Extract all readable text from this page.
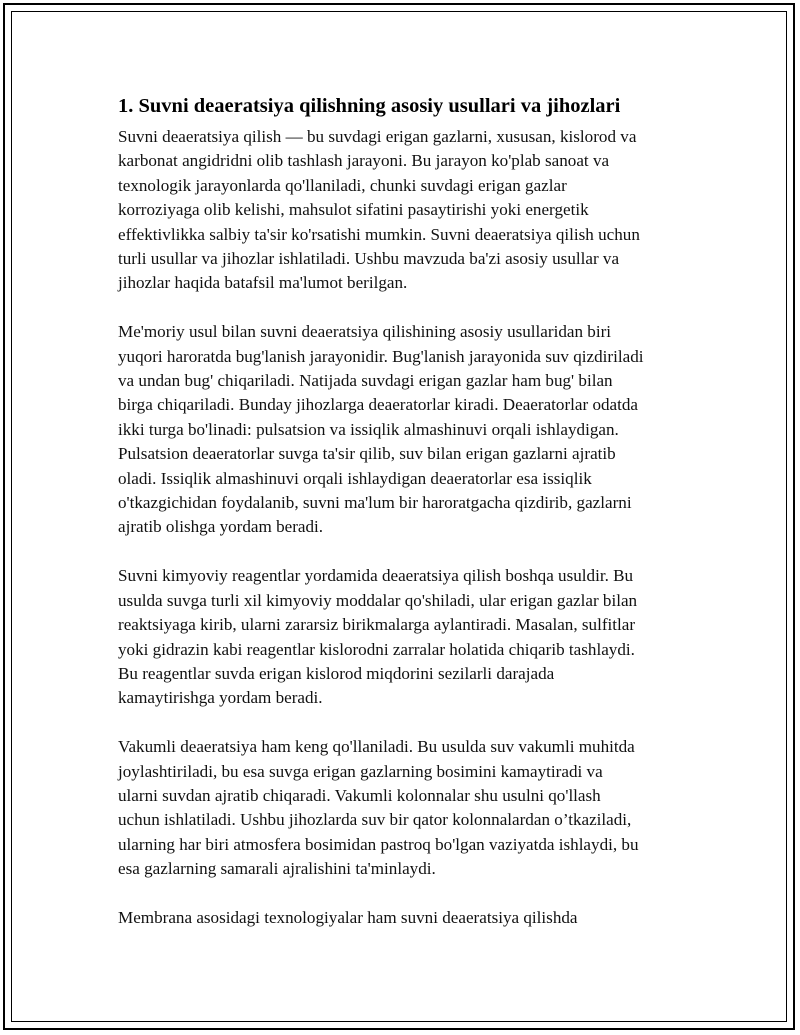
1. Suvni deaeratsiya qilishning asosiy usullari va jihozlari

Suvni deaeratsiya qilish — bu suvdagi erigan gazlarni, xususan, kislorod va
karbonat angidridni olib tashlash jarayoni. Bu jarayon ko'plab sanoat va
texnologik jarayonlarda qo'llaniladi, chunki suvdagi erigan gazlar
korroziyaga olib kelishi, mahsulot sifatini pasaytirishi yoki energetik
effektivlikka salbiy ta'sir ko'rsatishi mumkin. Suvni deaeratsiya qilish uchun
turli usullar va jihozlar ishlatiladi. Ushbu mavzuda ba'zi asosiy usullar va
jihozlar haqida batafsil ma'lumot berilgan.

Me'moriy usul bilan suvni deaeratsiya qilishining asosiy usullaridan biri
yuqori haroratda bug'lanish jarayonidir. Bug'lanish jarayonida suv qizdiriladi
va undan bug' chiqariladi. Natijada suvdagi erigan gazlar ham bug' bilan
birga chiqariladi. Bunday jihozlarga deaeratorlar kiradi. Deaeratorlar odatda
ikki turga bo'linadi: pulsatsion va issiqlik almashinuvi orqali ishlaydigan.
Pulsatsion deaeratorlar suvga ta'sir qilib, suv bilan erigan gazlarni ajratib
oladi. Issiqlik almashinuvi orqali ishlaydigan deaeratorlar esa issiqlik
o'tkazgichidan foydalanib, suvni ma'lum bir haroratgacha qizdirib, gazlarni
ajratib olishga yordam beradi.

Suvni kimyoviy reagentlar yordamida deaeratsiya qilish boshqa usuldir. Bu
usulda suvga turli xil kimyoviy moddalar qo'shiladi, ular erigan gazlar bilan
reaktsiyaga kirib, ularni zararsiz birikmalarga aylantiradi. Masalan, sulfitlar
yoki gidrazin kabi reagentlar kislorodni zarralar holatida chiqarib tashlaydi.
Bu reagentlar suvda erigan kislorod miqdorini sezilarli darajada
kamaytirishga yordam beradi.

Vakumli deaeratsiya ham keng qo'llaniladi. Bu usulda suv vakumli muhitda
joylashtiriladi, bu esa suvga erigan gazlarning bosimini kamaytiradi va
ularni suvdan ajratib chiqaradi. Vakumli kolonnalar shu usulni qo'llash
uchun ishlatiladi. Ushbu jihozlarda suv bir qator kolonnalardan o’tkaziladi,
ularning har biri atmosfera bosimidan pastroq bo'lgan vaziyatda ishlaydi, bu
esa gazlarning samarali ajralishini ta'minlaydi.

Membrana asosidagi texnologiyalar ham suvni deaeratsiya qilishda
